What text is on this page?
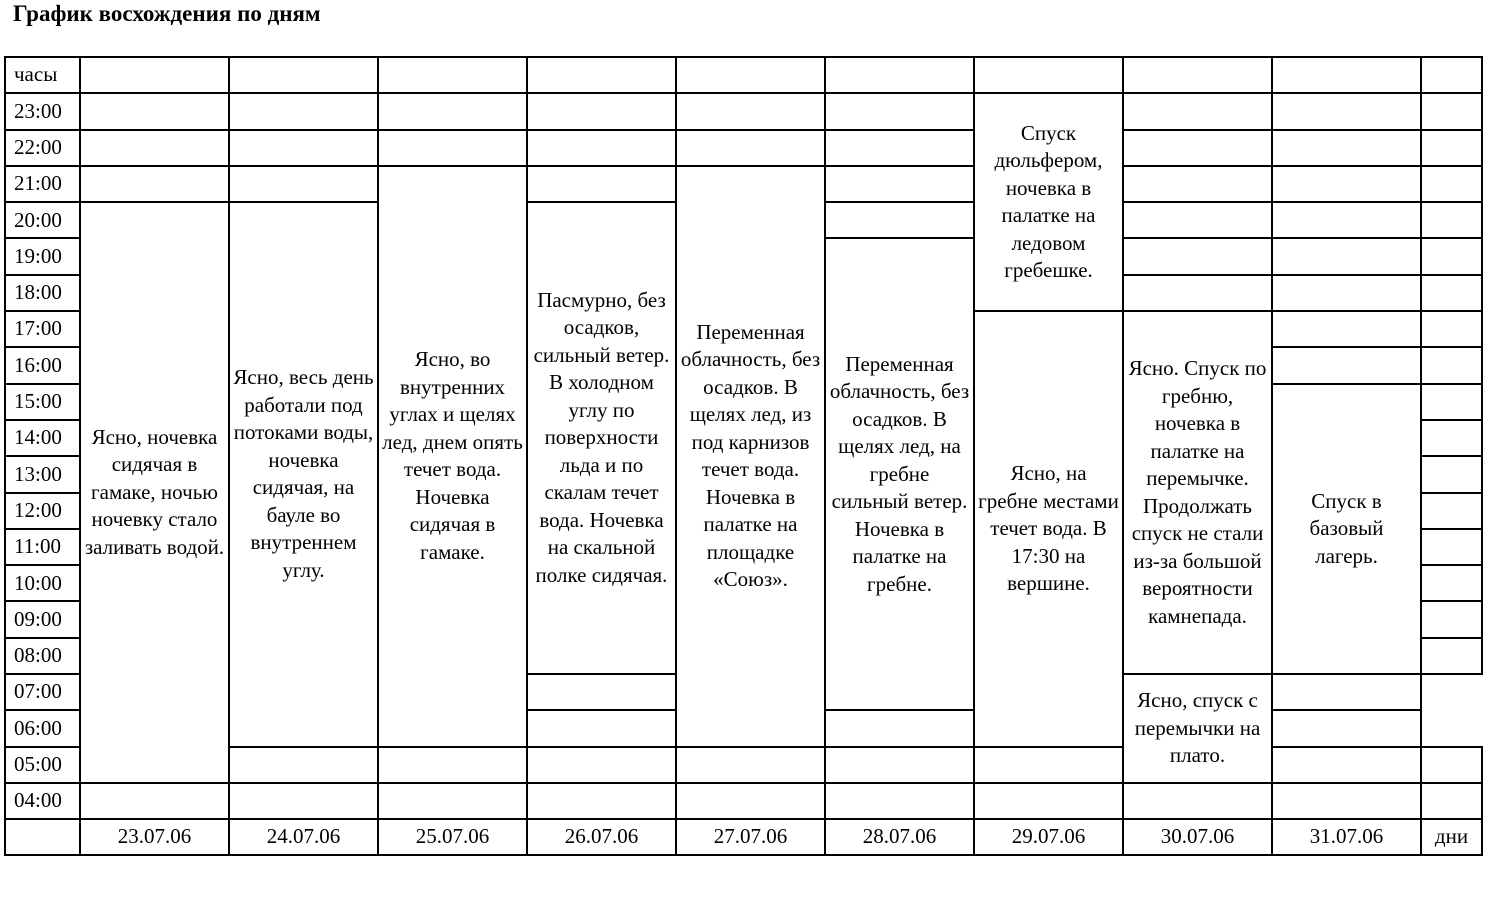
График восхождения по дням
часы										
23:00							Спуск дюльфером, ночевка в палатке на ледовом гребешке.			
22:00										
21:00			Ясно, во внутренних углах и щелях лед, днем опять течет вода. Ночевка сидячая в гамаке.		Переменная облачность, без осадков. В щелях лед, из под карнизов течет вода. Ночевка в палатке на площадке «Союз».					
20:00	Ясно, ночевка сидячая в гамаке, ночью ночевку стало заливать водой.	Ясно, весь день работали под потоками воды, ночевка сидячая, на бауле во внутреннем углу.		Пасмурно, без осадков, сильный ветер. В холодном углу по поверхности льда и по скалам течет вода. Ночевка на скальной полке сидячая.						
19:00						Переменная облачность, без осадков. В щелях лед, на гребне сильный ветер. Ночевка в палатке на гребне.				
18:00										
17:00							Ясно, на гребне местами течет вода. В 17:30 на вершине.	Ясно. Спуск по гребню, ночевка в палатке на перемычке. Продолжать спуск не стали из-за большой вероятности камнепада.		
16:00										
15:00									Спуск в базовый лагерь.	
14:00										
13:00										
12:00										
11:00										
10:00										
09:00										
08:00										
07:00								Ясно, спуск с перемычки на плато.		
06:00										
05:00										
04:00										
	23.07.06	24.07.06	25.07.06	26.07.06	27.07.06	28.07.06	29.07.06	30.07.06	31.07.06	дни
